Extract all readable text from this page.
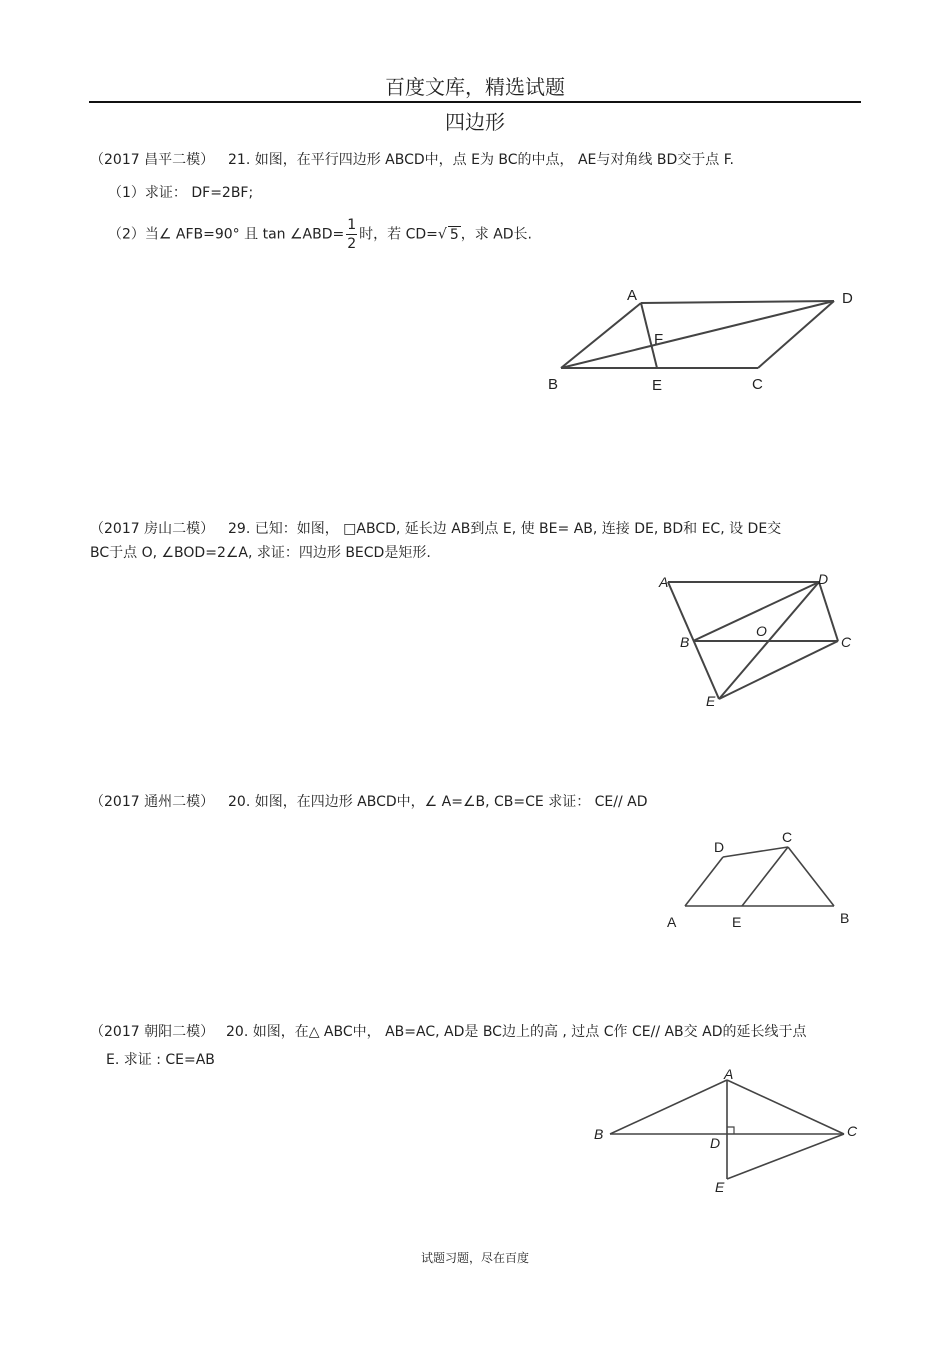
百度文库，精选试题
四边形
（2017 昌平二模） 21. 如图，在平行四边形 ABCD中，点 E为 BC的中点， AE与对角线 BD交于点 F.
（1）求证： DF=2BF;
（2）当∠ AFB=90° 且 tan ∠ABD= $\frac{1}{2}$ 时，若 CD=√ 5 ，求 AD长.
A	D
F
B	E	C
（2017 房山二模） 29. 已知：如图， □ABCD, 延长边 AB到点 E, 使 BE= AB, 连接 DE, BD和 EC, 设 DE交
BC于点 O, ∠BOD=2∠A, 求证：四边形 BECD是矩形.
A	D
B
O
C
E
（2017 通州二模） 20. 如图，在四边形 ABCD中，∠ A=∠B, CB=CE 求证： CE// AD
D
C
A	E	B
（2017 朝阳二模） 20. 如图，在△ ABC中， AB=AC, AD是 BC边上的高 , 过点 C作 CE// AB交 AD的延长线于点
E. 求证 : CE=AB
A
B
D
C
E
试题习题，尽在百度
